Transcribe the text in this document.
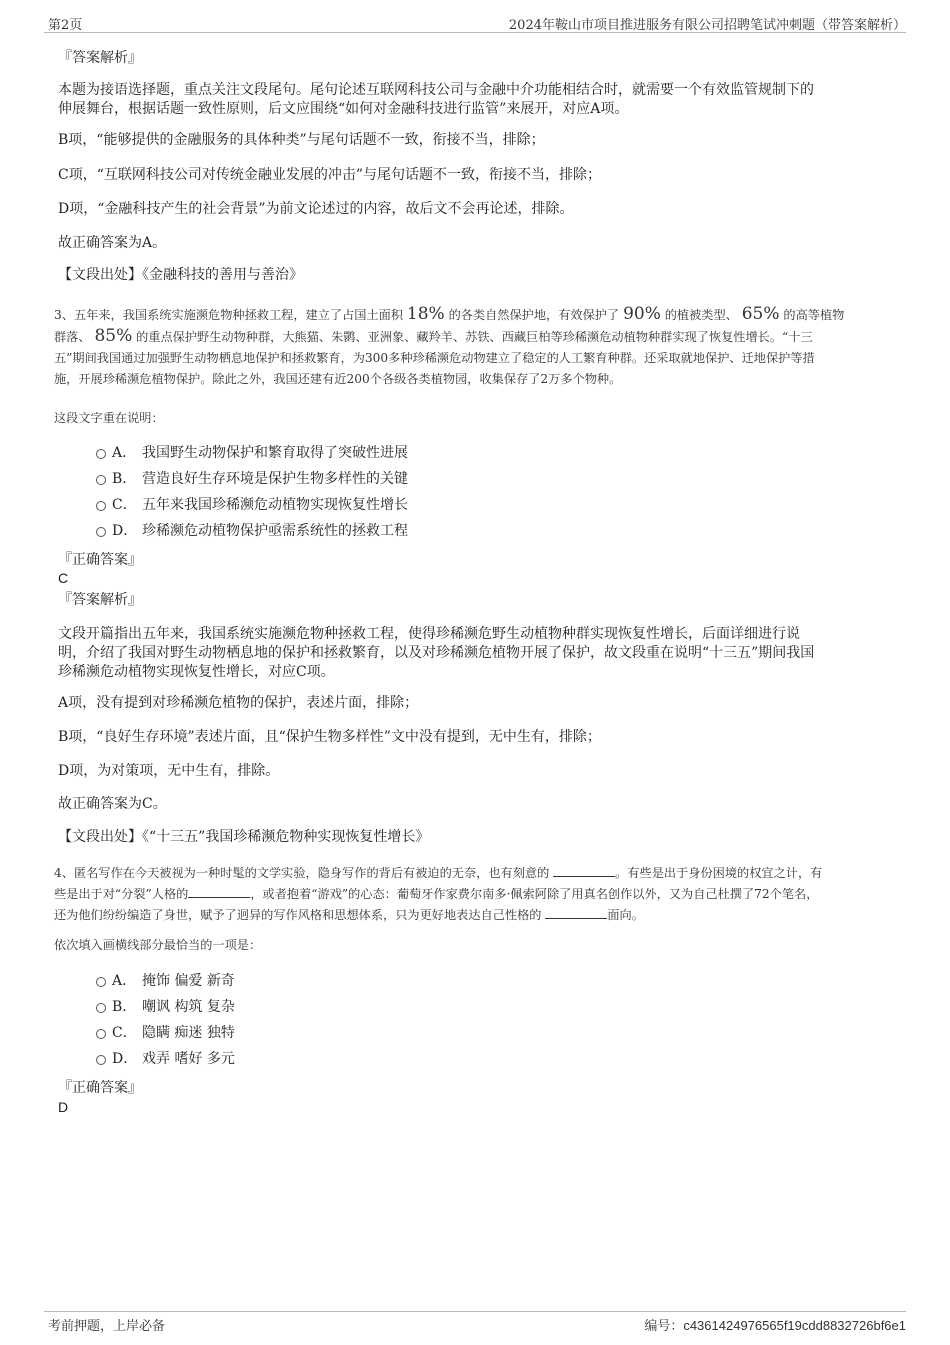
第2页	2024年鞍山市项目推进服务有限公司招聘笔试冲刺题（带答案解析）
『答案解析』
本题为接语选择题，重点关注文段尾句。尾句论述互联网科技公司与金融中介功能相结合时，就需要一个有效监管规制下的
伸展舞台，根据话题一致性原则，后文应围绕“如何对金融科技进行监管”来展开，对应A项。
B项，“能够提供的金融服务的具体种类”与尾句话题不一致，衔接不当，排除；
C项，“互联网科技公司对传统金融业发展的冲击”与尾句话题不一致，衔接不当，排除；
D项，“金融科技产生的社会背景”为前文论述过的内容，故后文不会再论述，排除。
故正确答案为A。
【文段出处】《金融科技的善用与善治》
3、五年来，我国系统实施濒危物种拯救工程，建立了占国土面积 18% 的各类自然保护地，有效保护了 90% 的植被类型、 65% 的高等植物
群落、 85% 的重点保护野生动物种群，大熊猫、朱鹮、亚洲象、藏羚羊、苏铁、西藏巨柏等珍稀濒危动植物种群实现了恢复性增长。“十三
五”期间我国通过加强野生动物栖息地保护和拯救繁育，为300多种珍稀濒危动物建立了稳定的人工繁育种群。还采取就地保护、迁地保护等措
施，开展珍稀濒危植物保护。除此之外，我国还建有近200个各级各类植物园，收集保存了2万多个物种。
这段文字重在说明：
A． 我国野生动物保护和繁育取得了突破性进展
B． 营造良好生存环境是保护生物多样性的关键
C． 五年来我国珍稀濒危动植物实现恢复性增长
D． 珍稀濒危动植物保护亟需系统性的拯救工程
『正确答案』
C
『答案解析』
文段开篇指出五年来，我国系统实施濒危物种拯救工程，使得珍稀濒危野生动植物种群实现恢复性增长，后面详细进行说
明，介绍了我国对野生动物栖息地的保护和拯救繁育，以及对珍稀濒危植物开展了保护，故文段重在说明“十三五”期间我国
珍稀濒危动植物实现恢复性增长，对应C项。
A项，没有提到对珍稀濒危植物的保护，表述片面，排除；
B项，“良好生存环境”表述片面，且“保护生物多样性”文中没有提到，无中生有，排除；
D项，为对策项，无中生有，排除。
故正确答案为C。
【文段出处】《“十三五”我国珍稀濒危物种实现恢复性增长》
4、匿名写作在今天被视为一种时髦的文学实验，隐身写作的背后有被迫的无奈，也有刻意的	。有些是出于身份困境的权宜之计，有
些是出于对“分裂”人格的	，或者抱着“游戏”的心态：葡萄牙作家费尔南多·佩索阿除了用真名创作以外，又为自己杜撰了72个笔名，
还为他们纷纷编造了身世，赋予了迥异的写作风格和思想体系，只为更好地表达自己性格的	面向。
依次填入画横线部分最恰当的一项是：
A． 掩饰 偏爱 新奇
B． 嘲讽 构筑 复杂
C． 隐瞒 痴迷 独特
D． 戏弄 嗜好 多元
『正确答案』
D
考前押题，上岸必备	编号：c4361424976565f19cdd8832726bf6e1
